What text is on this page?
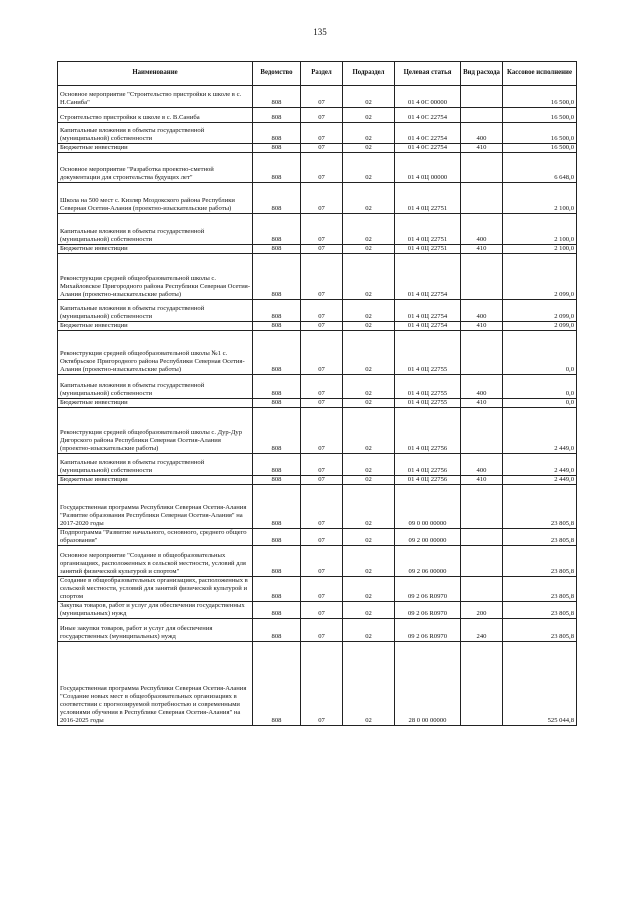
135
Наименование	Ведомство	Раздел	Подраздел	Целевая статья	Вид расхода	Кассовое исполнение
Основное мероприятие "Строительство пристройки к школе в с. Н.Саниба"	808	07	02	01 4 0С 00000		16 500,0
Строительство пристройки к школе в с. В.Саниба	808	07	02	01 4 0С 22754		16 500,0
Капитальные вложения в объекты государственной (муниципальной) собственности	808	07	02	01 4 0С 22754	400	16 500,0
Бюджетные инвестиции	808	07	02	01 4 0С 22754	410	16 500,0
Основное мероприятие "Разработка проектно-сметной документации для строительства будущих лет"	808	07	02	01 4 0Ц 00000		6 648,0
Школа на 500 мест с. Кизляр Моздокского района Республики Северная Осетия-Алания (проектно-изыскательские работы)	808	07	02	01 4 0Ц 22751		2 100,0
Капитальные вложения в объекты государственной (муниципальной) собственности	808	07	02	01 4 0Ц 22751	400	2 100,0
Бюджетные инвестиции	808	07	02	01 4 0Ц 22751	410	2 100,0
Реконструкция средней общеобразовательной школы с. Михайловское Пригородного района Республики Северная Осетия-Алания (проектно-изыскательские работы)	808	07	02	01 4 0Ц 22754		2 099,0
Капитальные вложения в объекты государственной (муниципальной) собственности	808	07	02	01 4 0Ц 22754	400	2 099,0
Бюджетные инвестиции	808	07	02	01 4 0Ц 22754	410	2 099,0
Реконструкция средней общеобразовательной школы №1 с. Октябрьское Пригородного района Республики Северная Осетия-Алания (проектно-изыскательские работы)	808	07	02	01 4 0Ц 22755		0,0
Капитальные вложения в объекты государственной (муниципальной) собственности	808	07	02	01 4 0Ц 22755	400	0,0
Бюджетные инвестиции	808	07	02	01 4 0Ц 22755	410	0,0
Реконструкция средней общеобразовательной школы с. Дур-Дур Дигорского района Республики Северная Осетия-Алания (проектно-изыскательские работы)	808	07	02	01 4 0Ц 22756		2 449,0
Капитальные вложения в объекты государственной (муниципальной) собственности	808	07	02	01 4 0Ц 22756	400	2 449,0
Бюджетные инвестиции	808	07	02	01 4 0Ц 22756	410	2 449,0
Государственная программа Республики Северная Осетия-Алания "Развитие образования Республики Северная Осетия-Алания" на 2017-2020 годы	808	07	02	09 0 00 00000		23 805,8
Подпрограмма "Развитие начального, основного, среднего общего образования"	808	07	02	09 2 00 00000		23 805,8
Основное мероприятие "Создание в общеобразовательных организациях, расположенных в сельской местности, условий для занятий физической культурой и спортом"	808	07	02	09 2 06 00000		23 805,8
Создание в общеобразовательных организациях, расположенных в сельской местности, условий для занятий физической культурой и спортом	808	07	02	09 2 06 R0970		23 805,8
Закупка товаров, работ и услуг для обеспечения государственных (муниципальных) нужд	808	07	02	09 2 06 R0970	200	23 805,8
Иные закупки товаров, работ и услуг для обеспечения государственных (муниципальных) нужд	808	07	02	09 2 06 R0970	240	23 805,8
Государственная программа Республики Северная Осетия-Алания "Создание новых мест в общеобразовательных организациях в соответствии с прогнозируемой потребностью и современными условиями обучения в Республике Северная Осетия-Алания" на 2016-2025 годы	808	07	02	28 0 00 00000		525 044,8
